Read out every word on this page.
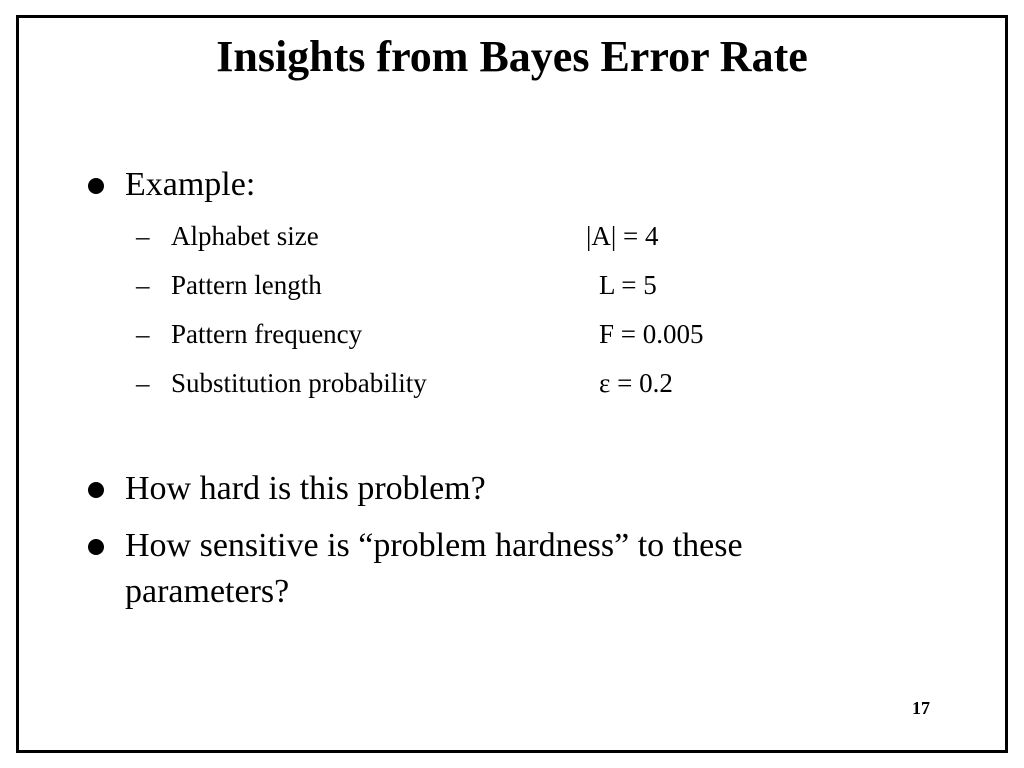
Insights from Bayes Error Rate
Example:
– Alphabet size	|A| = 4
– Pattern length	L = 5
– Pattern frequency	F = 0.005
– Substitution probability	ε = 0.2
How hard is this problem?
How sensitive is “problem hardness” to these
parameters?
17
